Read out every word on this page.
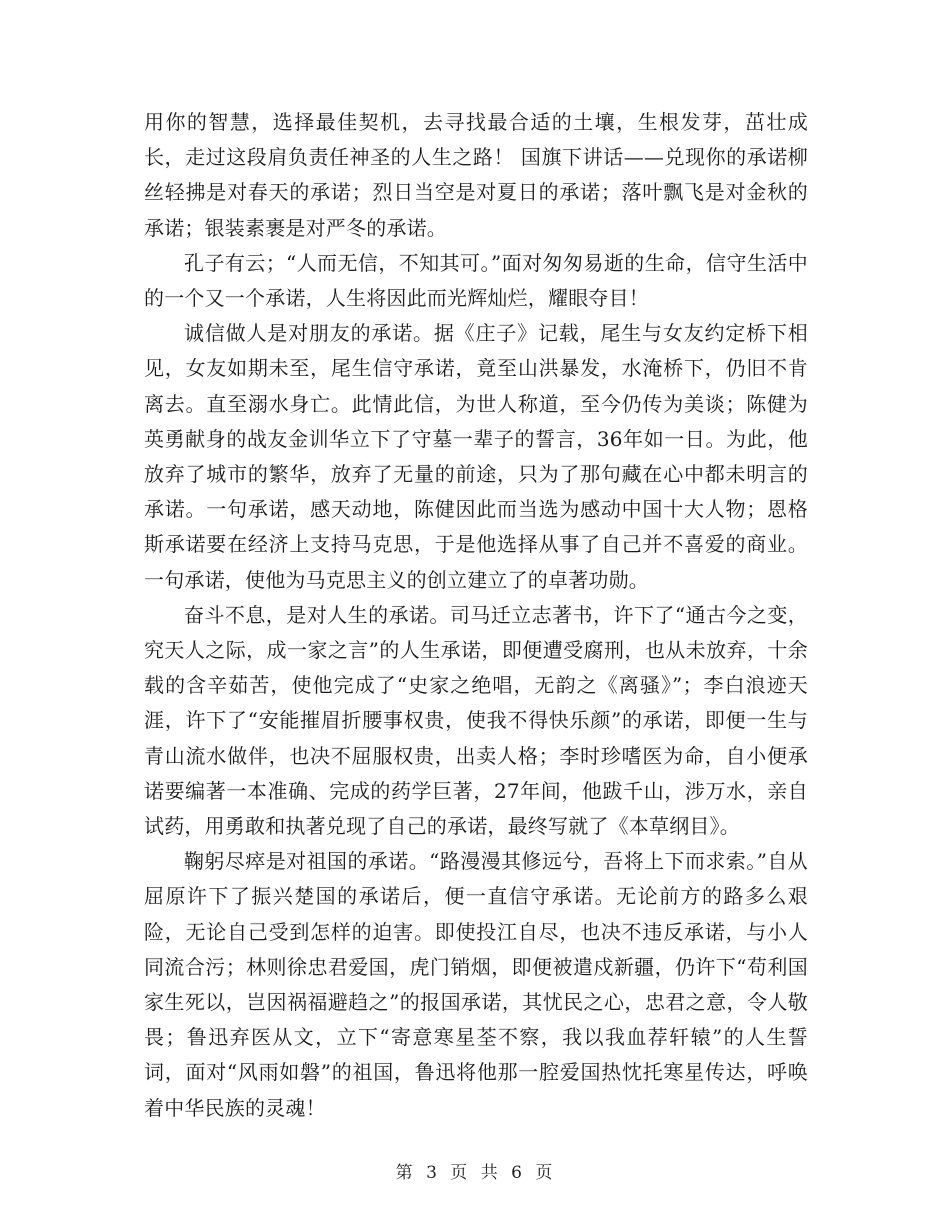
用你的智慧，选择最佳契机，去寻找最合适的土壤，生根发芽，茁壮成长，走过这段肩负责任神圣的人生之路！ 国旗下讲话——兑现你的承诺柳丝轻拂是对春天的承诺；烈日当空是对夏日的承诺；落叶飘飞是对金秋的承诺；银装素裹是对严冬的承诺。

孔子有云；“人而无信，不知其可。”面对匆匆易逝的生命，信守生活中的一个又一个承诺，人生将因此而光辉灿烂，耀眼夺目！

诚信做人是对朋友的承诺。据《庄子》记载，尾生与女友约定桥下相见，女友如期未至，尾生信守承诺，竟至山洪暴发，水淹桥下，仍旧不肯离去。直至溺水身亡。此情此信，为世人称道，至今仍传为美谈；陈健为英勇献身的战友金训华立下了守墓一辈子的誓言，36年如一日。为此，他放弃了城市的繁华，放弃了无量的前途，只为了那句藏在心中都未明言的承诺。一句承诺，感天动地，陈健因此而当选为感动中国十大人物；恩格斯承诺要在经济上支持马克思，于是他选择从事了自己并不喜爱的商业。一句承诺，使他为马克思主义的创立建立了的卓著功勋。

奋斗不息，是对人生的承诺。司马迁立志著书，许下了“通古今之变，究天人之际，成一家之言”的人生承诺，即便遭受腐刑，也从未放弃，十余载的含辛茹苦，使他完成了“史家之绝唱，无韵之《离骚》”；李白浪迹天涯，许下了“安能摧眉折腰事权贵，使我不得快乐颜”的承诺，即便一生与青山流水做伴，也决不屈服权贵，出卖人格；李时珍嗜医为命，自小便承诺要编著一本准确、完成的药学巨著，27年间，他跋千山，涉万水，亲自试药，用勇敢和执著兑现了自己的承诺，最终写就了《本草纲目》。

鞠躬尽瘁是对祖国的承诺。“路漫漫其修远兮，吾将上下而求索。”自从屈原许下了振兴楚国的承诺后，便一直信守承诺。无论前方的路多么艰险，无论自己受到怎样的迫害。即使投江自尽，也决不违反承诺，与小人同流合污；林则徐忠君爱国，虎门销烟，即便被遣戍新疆，仍许下“苟利国家生死以，岂因祸福避趋之”的报国承诺，其忧民之心，忠君之意，令人敬畏；鲁迅弃医从文，立下“寄意寒星荃不察，我以我血荐轩辕”的人生誓词，面对“风雨如磐”的祖国，鲁迅将他那一腔爱国热忱托寒星传达，呼唤着中华民族的灵魂！

第 3 页 共 6 页
